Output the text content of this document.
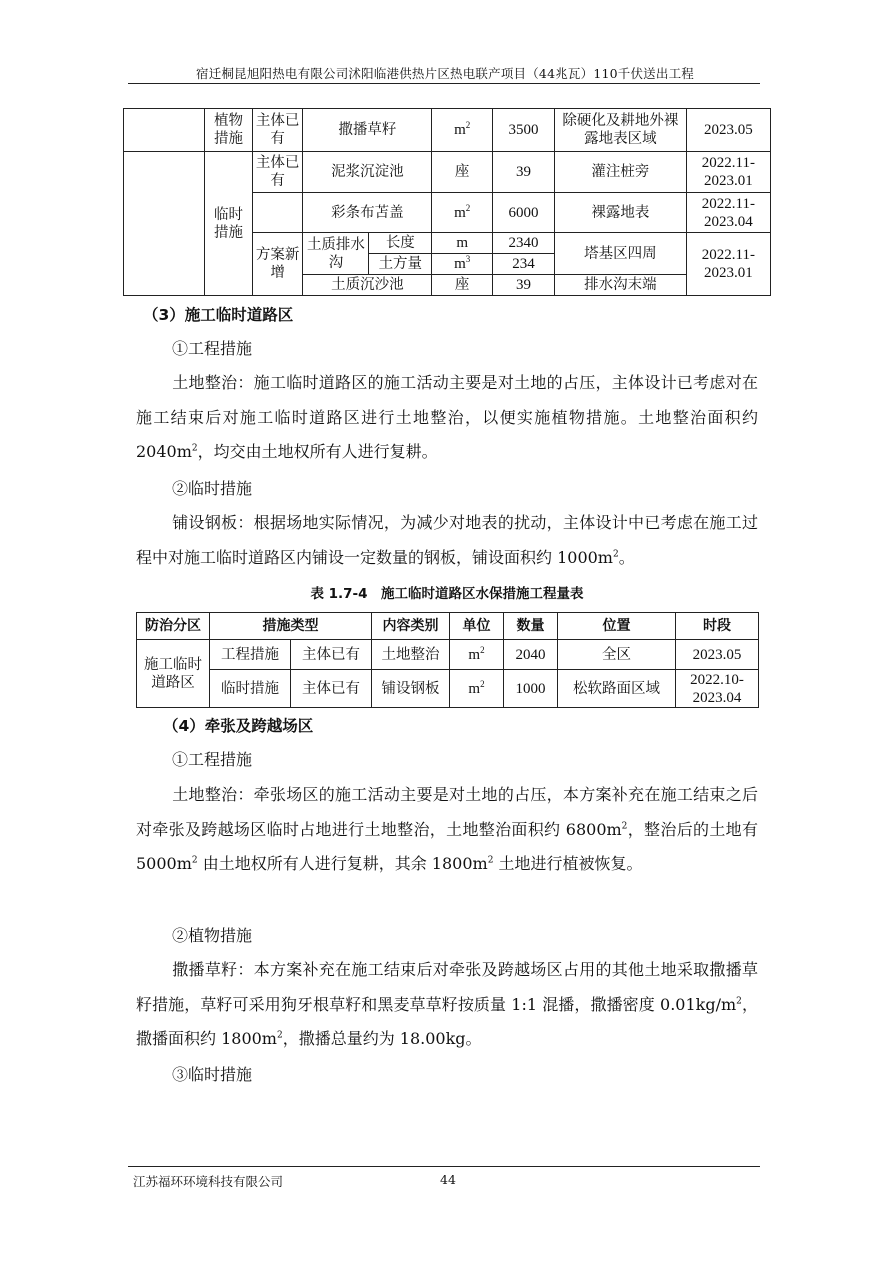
宿迁桐昆旭阳热电有限公司沭阳临港供热片区热电联产项目（44兆瓦）110千伏送出工程
	植物措施	主体已有	撒播草籽		$m^2$	3500	除硬化及耕地外裸露地表区域	2023.05
	临时措施	主体已有	泥浆沉淀池		座	39	灌注桩旁	2022.11-2023.01
			彩条布苫盖		$m^2$	6000	裸露地表	2022.11-2023.04
		方案新增	土质排水沟	长度	m	2340	塔基区四周	2022.11-2023.01
				土方量	$m^3$	234		
			土质沉沙池		座	39	排水沟末端	
（3）施工临时道路区
①工程措施
土地整治：施工临时道路区的施工活动主要是对土地的占压，主体设计已考虑对在施工结束后对施工临时道路区进行土地整治，以便实施植物措施。土地整治面积约 $2040m^2$，均交由土地权所有人进行复耕。
②临时措施
铺设钢板：根据场地实际情况，为减少对地表的扰动，主体设计中已考虑在施工过程中对施工临时道路区内铺设一定数量的钢板，铺设面积约 $1000m^2$。
表 1.7-4　施工临时道路区水保措施工程量表
防治分区	措施类型		内容类别	单位	数量	位置	时段
施工临时道路区	工程措施	主体已有	土地整治	$m^2$	2040	全区	2023.05
	临时措施	主体已有	铺设钢板	$m^2$	1000	松软路面区域	2022.10-2023.04
（4）牵张及跨越场区
①工程措施
土地整治：牵张场区的施工活动主要是对土地的占压，本方案补充在施工结束之后对牵张及跨越场区临时占地进行土地整治，土地整治面积约 $6800m^2$，整治后的土地有 $5000m^2$ 由土地权所有人进行复耕，其余 $1800m^2$ 土地进行植被恢复。
②植物措施
撒播草籽：本方案补充在施工结束后对牵张及跨越场区占用的其他土地采取撒播草籽措施，草籽可采用狗牙根草籽和黑麦草草籽按质量 1:1 混播，撒播密度 $0.01kg/m^2$，撒播面积约 $1800m^2$，撒播总量约为 18.00kg。
③临时措施
江苏福环环境科技有限公司	44
